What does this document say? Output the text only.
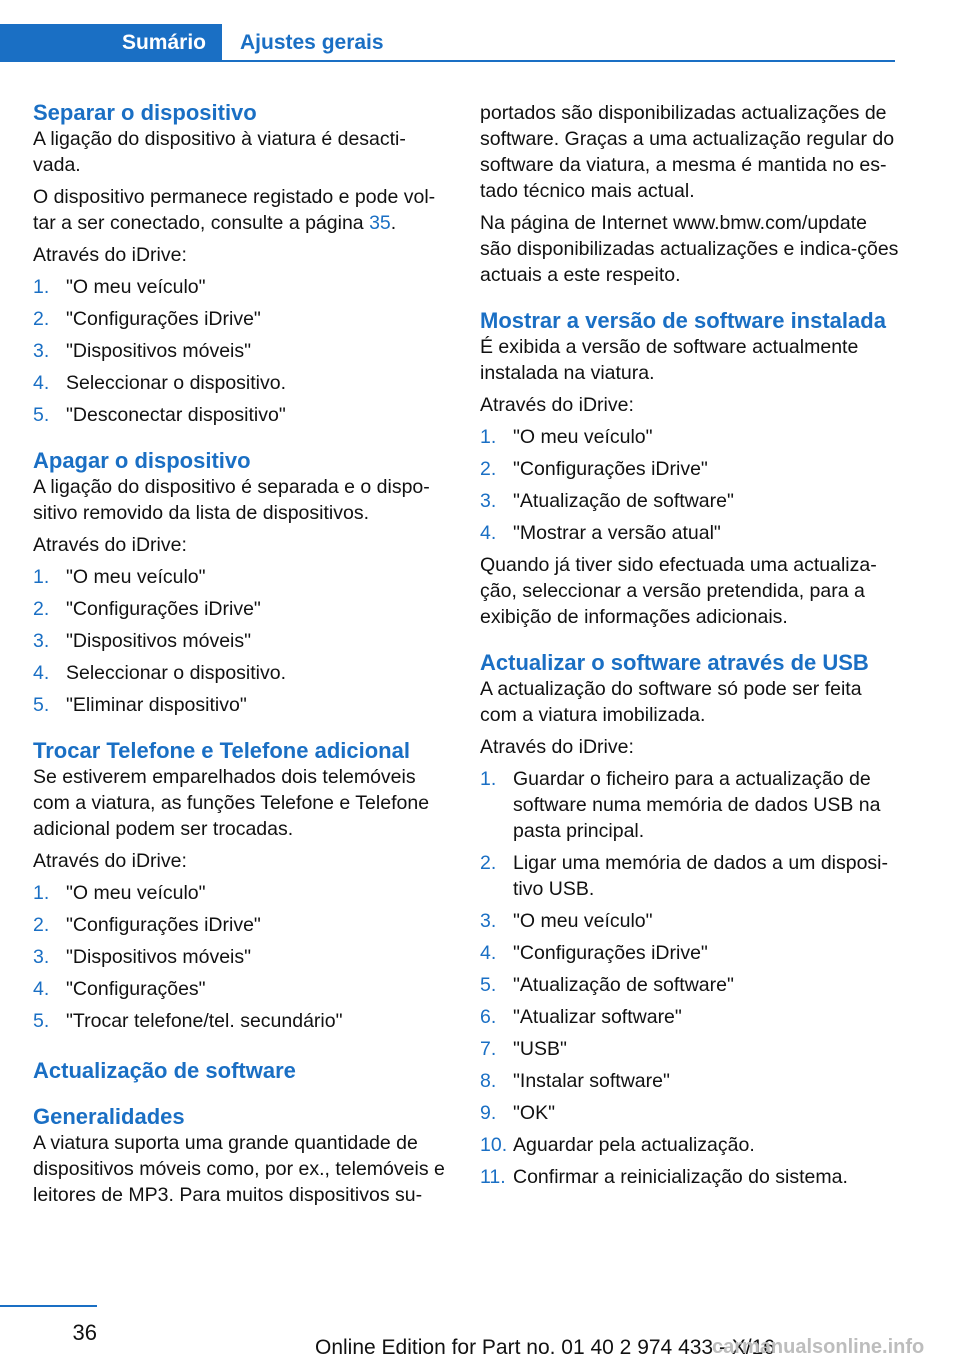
Sumário	Ajustes gerais
Separar o dispositivo

A ligação do dispositivo à viatura é desacti-vada.

O dispositivo permanece registado e pode vol-tar a ser conectado, consulte a página 35.

Através do iDrive:

1. "O meu veículo"
2. "Configurações iDrive"
3. "Dispositivos móveis"
4. Seleccionar o dispositivo.
5. "Desconectar dispositivo"
Apagar o dispositivo

A ligação do dispositivo é separada e o dispo-sitivo removido da lista de dispositivos.

Através do iDrive:

1. "O meu veículo"
2. "Configurações iDrive"
3. "Dispositivos móveis"
4. Seleccionar o dispositivo.
5. "Eliminar dispositivo"
Trocar Telefone e Telefone adicional

Se estiverem emparelhados dois telemóveis com a viatura, as funções Telefone e Telefone adicional podem ser trocadas.

Através do iDrive:

1. "O meu veículo"
2. "Configurações iDrive"
3. "Dispositivos móveis"
4. "Configurações"
5. "Trocar telefone/tel. secundário"
Actualização de software
Generalidades

A viatura suporta uma grande quantidade de dispositivos móveis como, por ex., telemóveis e leitores de MP3. Para muitos dispositivos su-

portados são disponibilizadas actualizações de software. Graças a uma actualização regular do software da viatura, a mesma é mantida no es-tado técnico mais actual.

Na página de Internet www.bmw.com/update são disponibilizadas actualizações e indica-ções actuais a este respeito.

Mostrar a versão de software instalada

É exibida a versão de software actualmente instalada na viatura.

Através do iDrive:

1. "O meu veículo"
2. "Configurações iDrive"
3. "Atualização de software"
4. "Mostrar a versão atual"

Quando já tiver sido efectuada uma actualiza-ção, seleccionar a versão pretendida, para a exibição de informações adicionais.

Actualizar o software através de USB

A actualização do software só pode ser feita com a viatura imobilizada.

Através do iDrive:

1. Guardar o ficheiro para a actualização de software numa memória de dados USB na pasta principal.
2. Ligar uma memória de dados a um disposi-tivo USB.
3. "O meu veículo"
4. "Configurações iDrive"
5. "Atualização de software"
6. "Atualizar software"
7. "USB"
8. "Instalar software"
9. "OK"
10. Aguardar pela actualização.
11. Confirmar a reinicialização do sistema.
36
Online Edition for Part no. 01 40 2 974 433 - X/16
carmanualsonline.info
